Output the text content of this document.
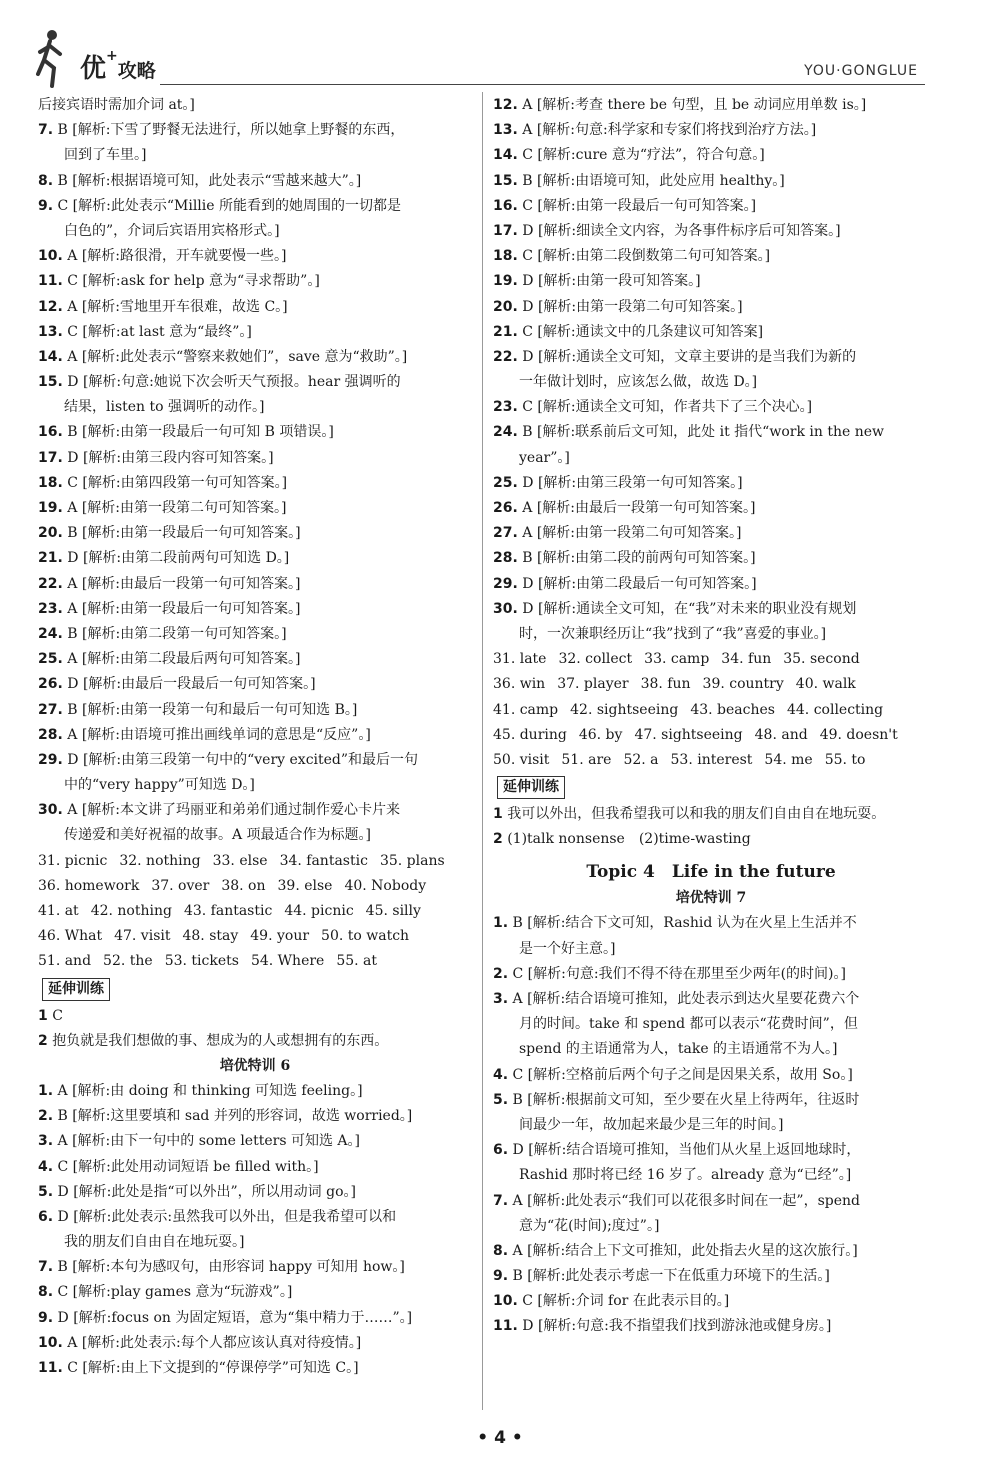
优+攻略	YOU·GONGLUE
后接宾语时需加介词 at。]
7. B [解析:下雪了野餐无法进行，所以她拿上野餐的东西，
回到了车里。]
8. B [解析:根据语境可知，此处表示“雪越来越大”。]
9. C [解析:此处表示“Millie 所能看到的她周围的一切都是
白色的”，介词后宾语用宾格形式。]
10. A [解析:路很滑，开车就要慢一些。]
11. C [解析:ask for help 意为“寻求帮助”。]
12. A [解析:雪地里开车很难，故选 C。]
13. C [解析:at last 意为“最终”。]
14. A [解析:此处表示“警察来救她们”，save 意为“救助”。]
15. D [解析:句意:她说下次会听天气预报。hear 强调听的
结果，listen to 强调听的动作。]
16. B [解析:由第一段最后一句可知 B 项错误。]
17. D [解析:由第三段内容可知答案。]
18. C [解析:由第四段第一句可知答案。]
19. A [解析:由第一段第二句可知答案。]
20. B [解析:由第一段最后一句可知答案。]
21. D [解析:由第二段前两句可知选 D。]
22. A [解析:由最后一段第一句可知答案。]
23. A [解析:由第一段最后一句可知答案。]
24. B [解析:由第二段第一句可知答案。]
25. A [解析:由第二段最后两句可知答案。]
26. D [解析:由最后一段最后一句可知答案。]
27. B [解析:由第一段第一句和最后一句可知选 B。]
28. A [解析:由语境可推出画线单词的意思是“反应”。]
29. D [解析:由第三段第一句中的“very excited”和最后一句
中的“very happy”可知选 D。]
30. A [解析:本文讲了玛丽亚和弟弟们通过制作爱心卡片来
传递爱和美好祝福的故事。A 项最适合作为标题。]
31. picnic 32. nothing 33. else 34. fantastic 35. plans
36. homework 37. over 38. on 39. else 40. Nobody
41. at 42. nothing 43. fantastic 44. picnic 45. silly
46. What 47. visit 48. stay 49. your 50. to watch
51. and 52. the 53. tickets 54. Where 55. at
延伸训练
1 C
2 抱负就是我们想做的事、想成为的人或想拥有的东西。
培优特训 6
1. A [解析:由 doing 和 thinking 可知选 feeling。]
2. B [解析:这里要填和 sad 并列的形容词，故选 worried。]
3. A [解析:由下一句中的 some letters 可知选 A。]
4. C [解析:此处用动词短语 be filled with。]
5. D [解析:此处是指“可以外出”，所以用动词 go。]
6. D [解析:此处表示:虽然我可以外出，但是我希望可以和
我的朋友们自由自在地玩耍。]
7. B [解析:本句为感叹句，由形容词 happy 可知用 how。]
8. C [解析:play games 意为“玩游戏”。]
9. D [解析:focus on 为固定短语，意为“集中精力于……”。]
10. A [解析:此处表示:每个人都应该认真对待疫情。]
11. C [解析:由上下文提到的“停课停学”可知选 C。]
12. A [解析:考查 there be 句型，且 be 动词应用单数 is。]
13. A [解析:句意:科学家和专家们将找到治疗方法。]
14. C [解析:cure 意为“疗法”，符合句意。]
15. B [解析:由语境可知，此处应用 healthy。]
16. C [解析:由第一段最后一句可知答案。]
17. D [解析:细读全文内容，为各事件标序后可知答案。]
18. C [解析:由第二段倒数第二句可知答案。]
19. D [解析:由第一段可知答案。]
20. D [解析:由第一段第二句可知答案。]
21. C [解析:通读文中的几条建议可知答案]
22. D [解析:通读全文可知，文章主要讲的是当我们为新的
一年做计划时，应该怎么做，故选 D。]
23. C [解析:通读全文可知，作者共下了三个决心。]
24. B [解析:联系前后文可知，此处 it 指代“work in the new
year”。]
25. D [解析:由第三段第一句可知答案。]
26. A [解析:由最后一段第一句可知答案。]
27. A [解析:由第一段第二句可知答案。]
28. B [解析:由第二段的前两句可知答案。]
29. D [解析:由第二段最后一句可知答案。]
30. D [解析:通读全文可知，在“我”对未来的职业没有规划
时，一次兼职经历让“我”找到了“我”喜爱的事业。]
31. late 32. collect 33. camp 34. fun 35. second
36. win 37. player 38. fun 39. country 40. walk
41. camp 42. sightseeing 43. beaches 44. collecting
45. during 46. by 47. sightseeing 48. and 49. doesn't
50. visit 51. are 52. a 53. interest 54. me 55. to
延伸训练
1 我可以外出，但我希望我可以和我的朋友们自由自在地玩耍。
2 (1)talk nonsense　(2)time-wasting
Topic 4　Life in the future
培优特训 7
1. B [解析:结合下文可知，Rashid 认为在火星上生活并不
是一个好主意。]
2. C [解析:句意:我们不得不待在那里至少两年(的时间)。]
3. A [解析:结合语境可推知，此处表示到达火星要花费六个
月的时间。take 和 spend 都可以表示“花费时间”，但
spend 的主语通常为人，take 的主语通常不为人。]
4. C [解析:空格前后两个句子之间是因果关系，故用 So。]
5. B [解析:根据前文可知，至少要在火星上待两年，往返时
间最少一年，故加起来最少是三年的时间。]
6. D [解析:结合语境可推知，当他们从火星上返回地球时，
Rashid 那时将已经 16 岁了。already 意为“已经”。]
7. A [解析:此处表示“我们可以花很多时间在一起”，spend
意为“花(时间);度过”。]
8. A [解析:结合上下文可推知，此处指去火星的这次旅行。]
9. B [解析:此处表示考虑一下在低重力环境下的生活。]
10. C [解析:介词 for 在此表示目的。]
11. D [解析:句意:我不指望我们找到游泳池或健身房。]
• 4 •
